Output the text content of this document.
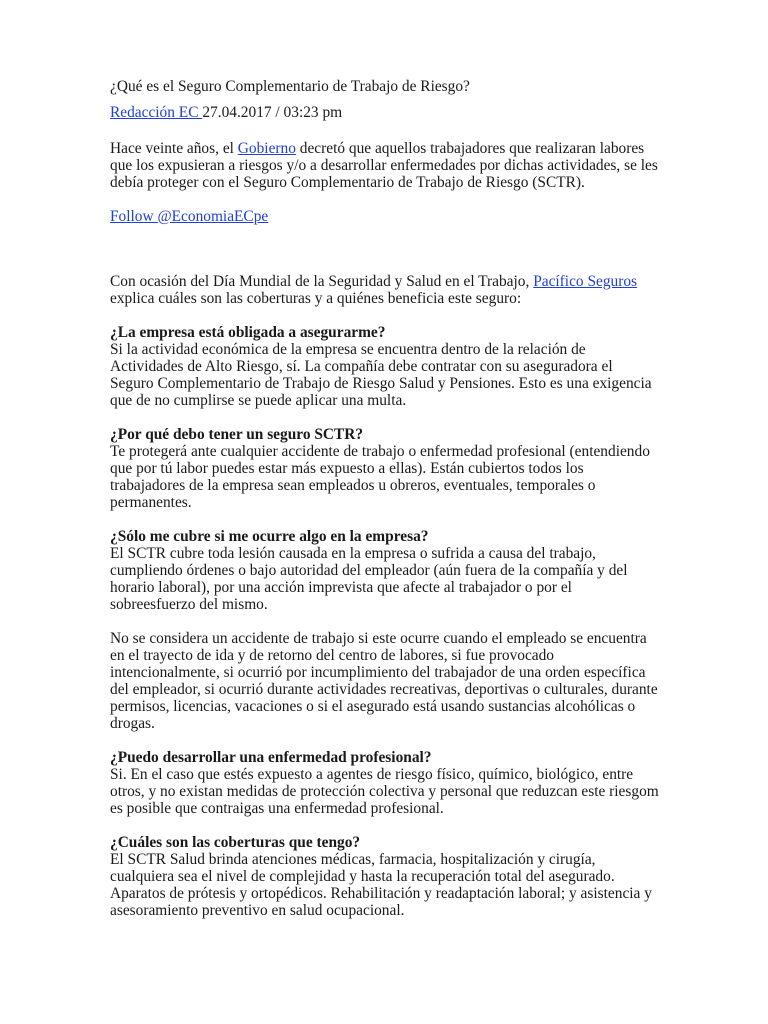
¿Qué es el Seguro Complementario de Trabajo de Riesgo?

Redacción EC 27.04.2017 / 03:23 pm

Hace veinte años, el Gobierno decretó que aquellos trabajadores que realizaran labores que los expusieran a riesgos y/o a desarrollar enfermedades por dichas actividades, se les debía proteger con el Seguro Complementario de Trabajo de Riesgo (SCTR).

Follow @EconomiaECpe

Con ocasión del Día Mundial de la Seguridad y Salud en el Trabajo, Pacífico Seguros explica cuáles son las coberturas y a quiénes beneficia este seguro:

¿La empresa está obligada a asegurarme?
Si la actividad económica de la empresa se encuentra dentro de la relación de Actividades de Alto Riesgo, sí. La compañía debe contratar con su aseguradora el Seguro Complementario de Trabajo de Riesgo Salud y Pensiones. Esto es una exigencia que de no cumplirse se puede aplicar una multa.

¿Por qué debo tener un seguro SCTR?
Te protegerá ante cualquier accidente de trabajo o enfermedad profesional (entendiendo que por tú labor puedes estar más expuesto a ellas). Están cubiertos todos los trabajadores de la empresa sean empleados u obreros, eventuales, temporales o permanentes.

¿Sólo me cubre si me ocurre algo en la empresa?
El SCTR cubre toda lesión causada en la empresa o sufrida a causa del trabajo, cumpliendo órdenes o bajo autoridad del empleador (aún fuera de la compañía y del horario laboral), por una acción imprevista que afecte al trabajador o por el sobreesfuerzo del mismo.

No se considera un accidente de trabajo si este ocurre cuando el empleado se encuentra en el trayecto de ida y de retorno del centro de labores, si fue provocado intencionalmente, si ocurrió por incumplimiento del trabajador de una orden específica del empleador, si ocurrió durante actividades recreativas, deportivas o culturales, durante permisos, licencias, vacaciones o si el asegurado está usando sustancias alcohólicas o drogas.

¿Puedo desarrollar una enfermedad profesional?
Si. En el caso que estés expuesto a agentes de riesgo físico, químico, biológico, entre otros, y no existan medidas de protección colectiva y personal que reduzcan este riesgom es posible que contraigas una enfermedad profesional.

¿Cuáles son las coberturas que tengo?
El SCTR Salud brinda atenciones médicas, farmacia, hospitalización y cirugía, cualquiera sea el nivel de complejidad y hasta la recuperación total del asegurado. Aparatos de prótesis y ortopédicos. Rehabilitación y readaptación laboral; y asistencia y asesoramiento preventivo en salud ocupacional.
